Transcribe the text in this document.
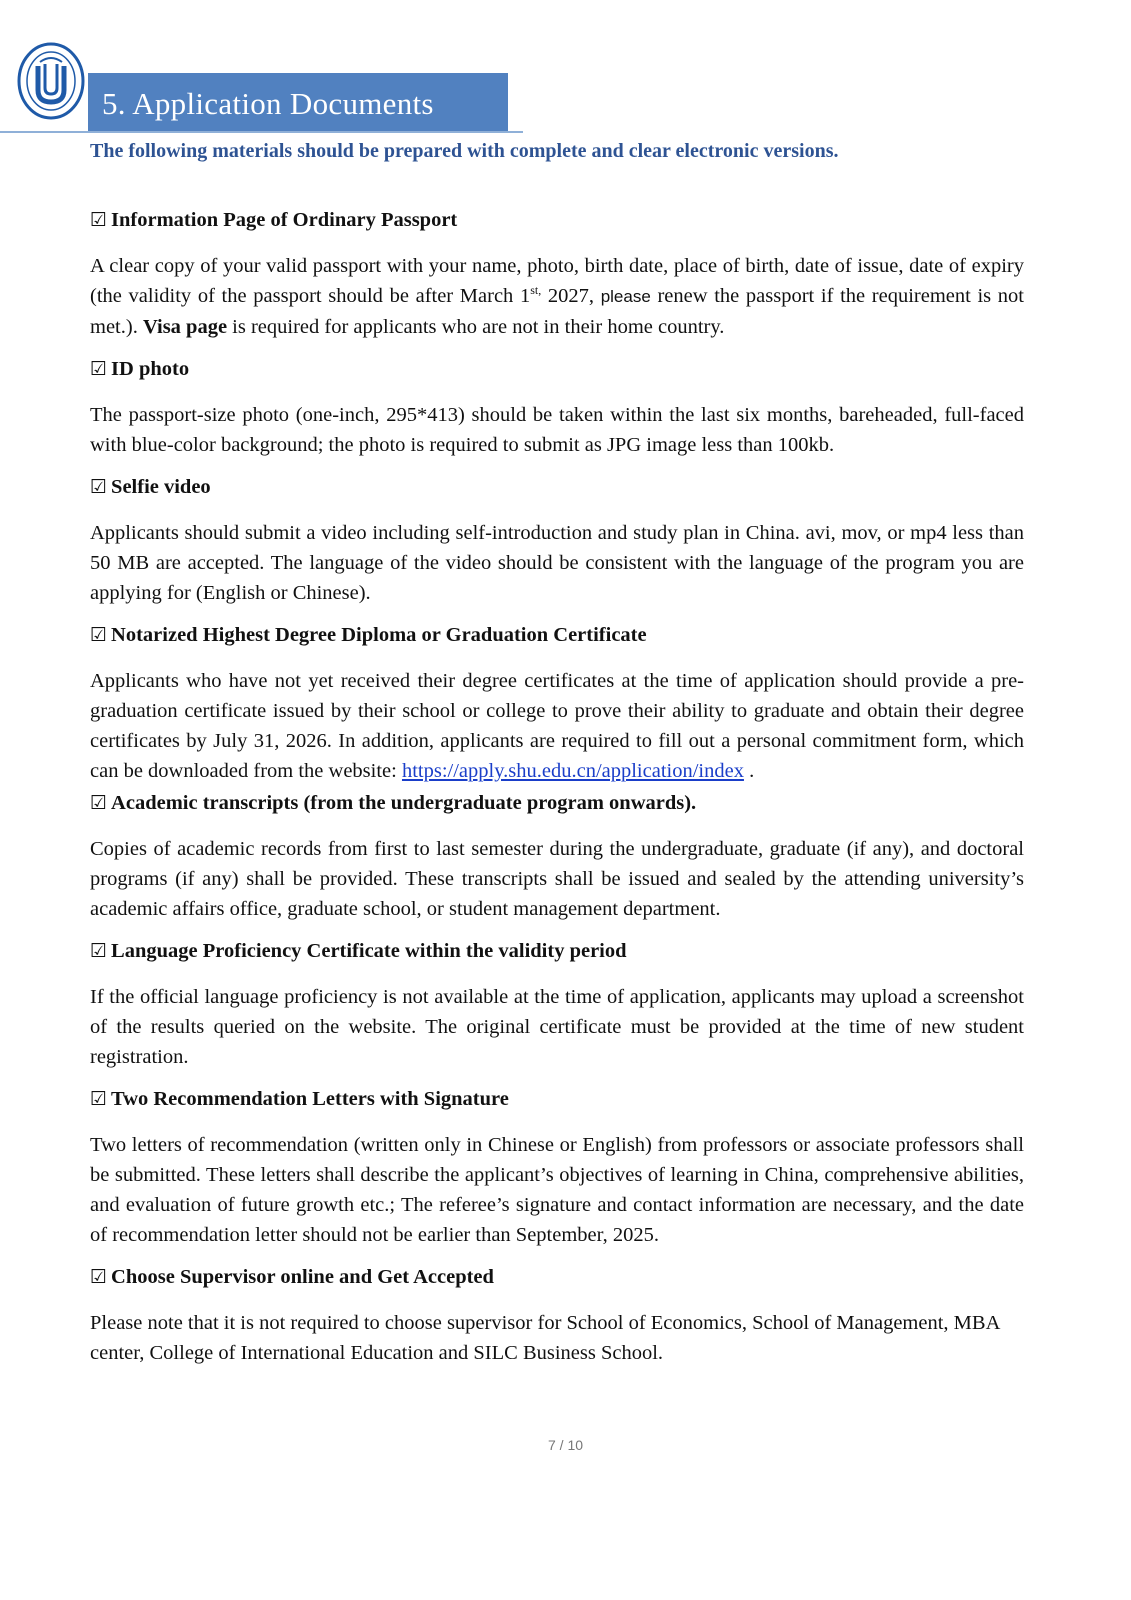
5. Application Documents
The following materials should be prepared with complete and clear electronic versions.
☑ Information Page of Ordinary Passport
A clear copy of your valid passport with your name, photo, birth date, place of birth, date of issue, date of expiry (the validity of the passport should be after March $1^{st,}$ 2027, please renew the passport if the requirement is not met.). Visa page is required for applicants who are not in their home country.
☑ ID photo
The passport-size photo (one-inch, 295*413) should be taken within the last six months, bareheaded, full-faced with blue-color background; the photo is required to submit as JPG image less than 100kb.
☑ Selfie video
Applicants should submit a video including self-introduction and study plan in China. avi, mov, or mp4 less than 50 MB are accepted. The language of the video should be consistent with the language of the program you are applying for (English or Chinese).
☑ Notarized Highest Degree Diploma or Graduation Certificate
Applicants who have not yet received their degree certificates at the time of application should provide a pre-graduation certificate issued by their school or college to prove their ability to graduate and obtain their degree certificates by July 31, 2026. In addition, applicants are required to fill out a personal commitment form, which can be downloaded from the website: https://apply.shu.edu.cn/application/index .
☑ Academic transcripts (from the undergraduate program onwards).
Copies of academic records from first to last semester during the undergraduate, graduate (if any), and doctoral programs (if any) shall be provided. These transcripts shall be issued and sealed by the attending university’s academic affairs office, graduate school, or student management department.
☑ Language Proficiency Certificate within the validity period
If the official language proficiency is not available at the time of application, applicants may upload a screenshot of the results queried on the website. The original certificate must be provided at the time of new student registration.
☑ Two Recommendation Letters with Signature
Two letters of recommendation (written only in Chinese or English) from professors or associate professors shall be submitted. These letters shall describe the applicant’s objectives of learning in China, comprehensive abilities, and evaluation of future growth etc.; The referee’s signature and contact information are necessary, and the date of recommendation letter should not be earlier than September, 2025.
☑ Choose Supervisor online and Get Accepted
Please note that it is not required to choose supervisor for School of Economics, School of Management, MBA center, College of International Education and SILC Business School.
7 / 10
